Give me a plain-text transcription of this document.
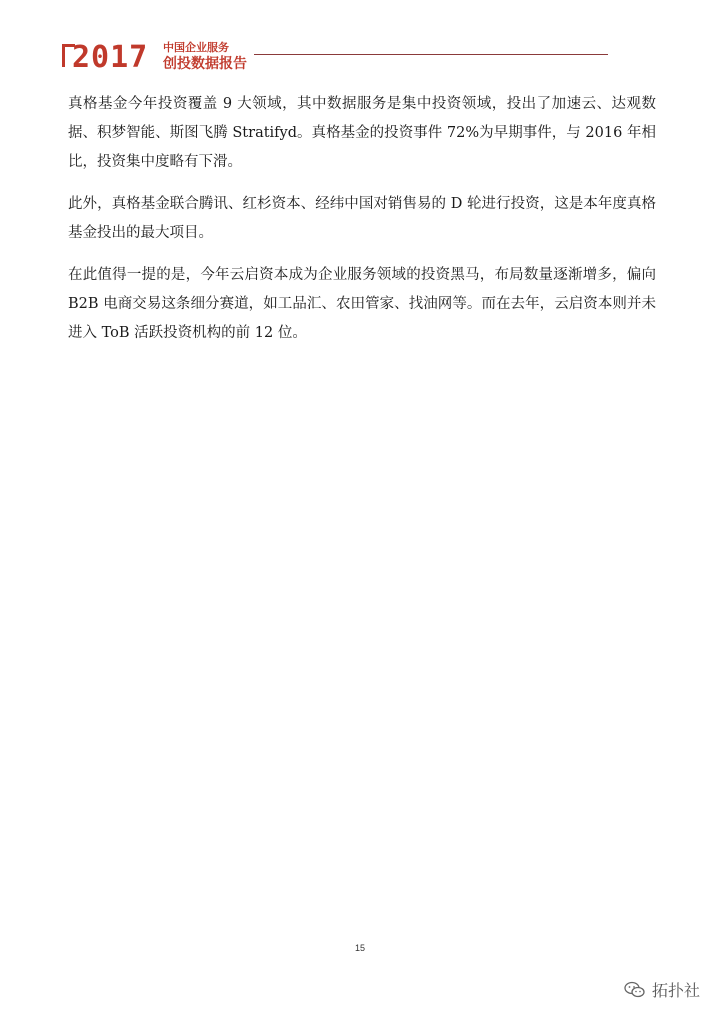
2017 中国企业服务
创投数据报告

真格基金今年投资覆盖 9 大领域，其中数据服务是集中投资领域，投出了加速云、达观数据、积梦智能、斯图飞腾 Stratifyd。真格基金的投资事件 72%为早期事件，与 2016 年相比，投资集中度略有下滑。

此外，真格基金联合腾讯、红杉资本、经纬中国对销售易的 D 轮进行投资，这是本年度真格基金投出的最大项目。

在此值得一提的是，今年云启资本成为企业服务领域的投资黑马，布局数量逐渐增多，偏向 B2B 电商交易这条细分赛道，如工品汇、农田管家、找油网等。而在去年，云启资本则并未进入 ToB 活跃投资机构的前 12 位。

15
拓扑社
